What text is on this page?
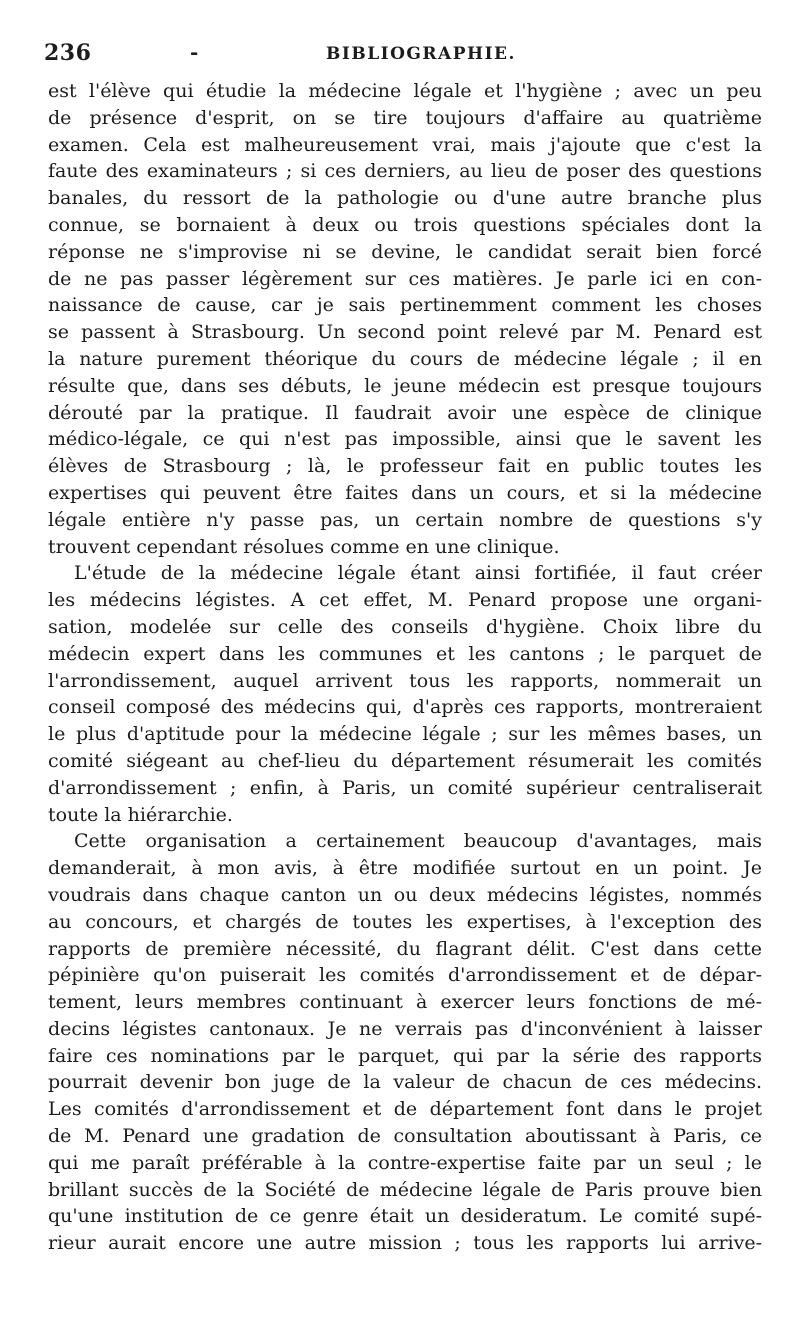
236	-	BIBLIOGRAPHIE.
est l'élève qui étudie la médecine légale et l'hygiène ; avec un peu
de présence d'esprit, on se tire toujours d'affaire au quatrième
examen. Cela est malheureusement vrai, mais j'ajoute que c'est la
faute des examinateurs ; si ces derniers, au lieu de poser des questions
banales, du ressort de la pathologie ou d'une autre branche plus
connue, se bornaient à deux ou trois questions spéciales dont la
réponse ne s'improvise ni se devine, le candidat serait bien forcé
de ne pas passer légèrement sur ces matières. Je parle ici en con-
naissance de cause, car je sais pertinemment comment les choses
se passent à Strasbourg. Un second point relevé par M. Penard est
la nature purement théorique du cours de médecine légale ; il en
résulte que, dans ses débuts, le jeune médecin est presque toujours
dérouté par la pratique. Il faudrait avoir une espèce de clinique
médico-légale, ce qui n'est pas impossible, ainsi que le savent les
élèves de Strasbourg ; là, le professeur fait en public toutes les
expertises qui peuvent être faites dans un cours, et si la médecine
légale entière n'y passe pas, un certain nombre de questions s'y
trouvent cependant résolues comme en une clinique.
L'étude de la médecine légale étant ainsi fortifiée, il faut créer
les médecins légistes. A cet effet, M. Penard propose une organi-
sation, modelée sur celle des conseils d'hygiène. Choix libre du
médecin expert dans les communes et les cantons ; le parquet de
l'arrondissement, auquel arrivent tous les rapports, nommerait un
conseil composé des médecins qui, d'après ces rapports, montreraient
le plus d'aptitude pour la médecine légale ; sur les mêmes bases, un
comité siégeant au chef-lieu du département résumerait les comités
d'arrondissement ; enfin, à Paris, un comité supérieur centraliserait
toute la hiérarchie.
Cette organisation a certainement beaucoup d'avantages, mais
demanderait, à mon avis, à être modifiée surtout en un point. Je
voudrais dans chaque canton un ou deux médecins légistes, nommés
au concours, et chargés de toutes les expertises, à l'exception des
rapports de première nécessité, du flagrant délit. C'est dans cette
pépinière qu'on puiserait les comités d'arrondissement et de dépar-
tement, leurs membres continuant à exercer leurs fonctions de mé-
decins légistes cantonaux. Je ne verrais pas d'inconvénient à laisser
faire ces nominations par le parquet, qui par la série des rapports
pourrait devenir bon juge de la valeur de chacun de ces médecins.
Les comités d'arrondissement et de département font dans le projet
de M. Penard une gradation de consultation aboutissant à Paris, ce
qui me paraît préférable à la contre-expertise faite par un seul ; le
brillant succès de la Société de médecine légale de Paris prouve bien
qu'une institution de ce genre était un desideratum. Le comité supé-
rieur aurait encore une autre mission ; tous les rapports lui arrive-
